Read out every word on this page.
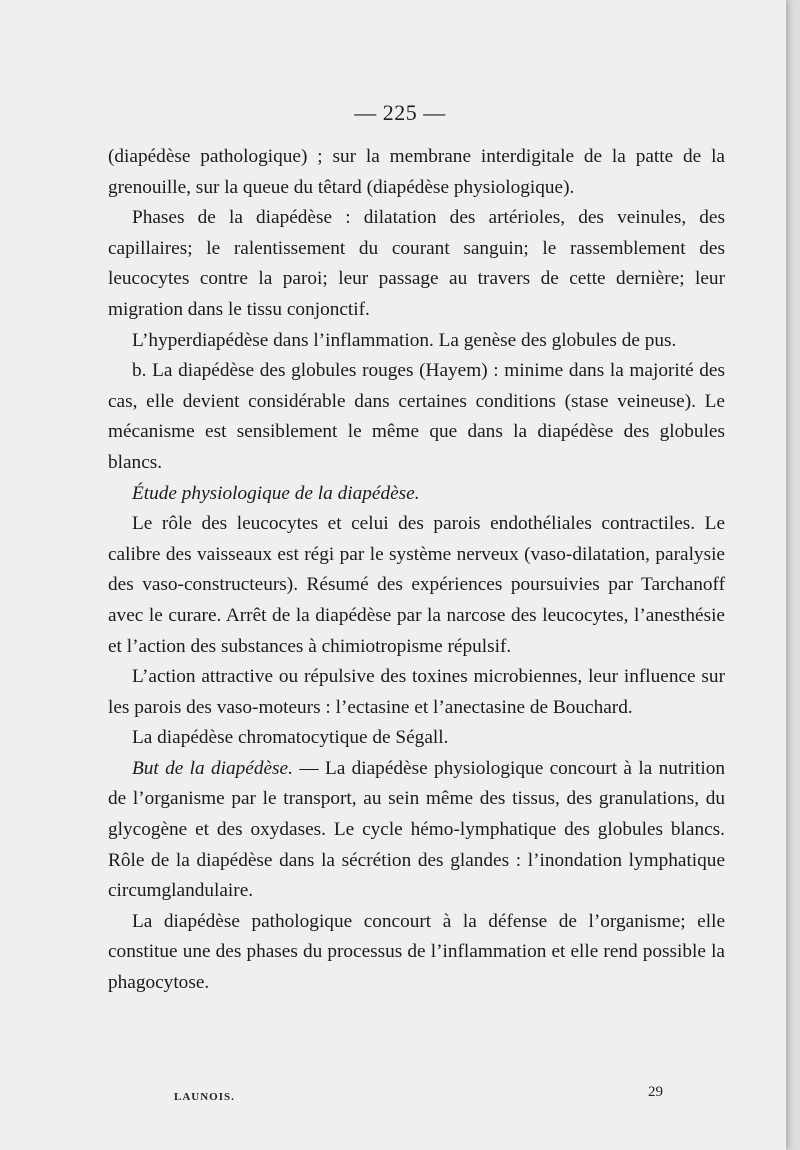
— 225 —

(diapédèse pathologique) ; sur la membrane interdigitale de la patte de la grenouille, sur la queue du têtard (diapédèse physiologique).

Phases de la diapédèse : dilatation des artérioles, des veinules, des capillaires; le ralentissement du courant sanguin; le rassemblement des leucocytes contre la paroi; leur passage au travers de cette dernière; leur migration dans le tissu conjonctif.

L’hyperdiapédèse dans l’inflammation. La genèse des globules de pus.

b. La diapédèse des globules rouges (Hayem) : minime dans la majorité des cas, elle devient considérable dans certaines conditions (stase veineuse). Le mécanisme est sensiblement le même que dans la diapédèse des globules blancs.

Étude physiologique de la diapédèse.

Le rôle des leucocytes et celui des parois endothéliales contractiles. Le calibre des vaisseaux est régi par le système nerveux (vaso-dilatation, paralysie des vaso-constructeurs). Résumé des expériences poursuivies par Tarchanoff avec le curare. Arrêt de la diapédèse par la narcose des leucocytes, l’anesthésie et l’action des substances à chimiotropisme répulsif.

L’action attractive ou répulsive des toxines microbiennes, leur influence sur les parois des vaso-moteurs : l’ectasine et l’anectasine de Bouchard.

La diapédèse chromatocytique de Ségall.

But de la diapédèse. — La diapédèse physiologique concourt à la nutrition de l’organisme par le transport, au sein même des tissus, des granulations, du glycogène et des oxydases. Le cycle hémo-lymphatique des globules blancs. Rôle de la diapédèse dans la sécrétion des glandes : l’inondation lymphatique circumglandulaire.

La diapédèse pathologique concourt à la défense de l’organisme; elle constitue une des phases du processus de l’inflammation et elle rend possible la phagocytose.

LAUNOIS.	29
